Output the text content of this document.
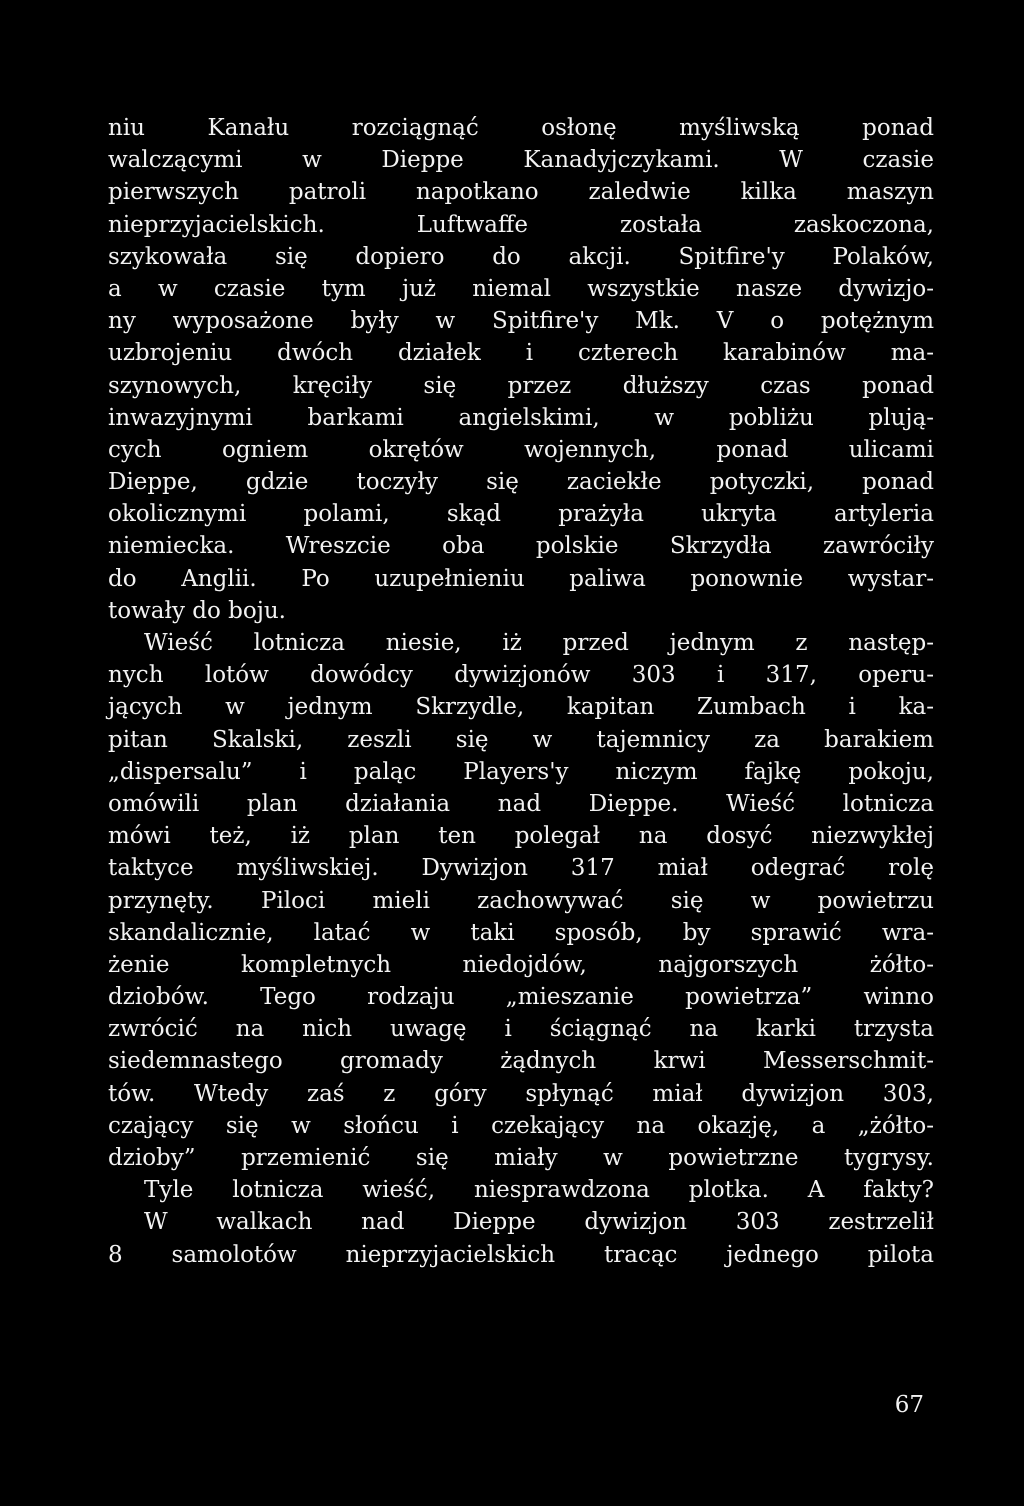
niu Kanału rozciągnąć osłonę myśliwską ponad
walczącymi w Dieppe Kanadyjczykami. W czasie
pierwszych patroli napotkano zaledwie kilka maszyn
nieprzyjacielskich. Luftwaffe została zaskoczona,
szykowała się dopiero do akcji. Spitfire'y Polaków,
a w czasie tym już niemal wszystkie nasze dywizjo-
ny wyposażone były w Spitfire'y Mk. V o potężnym
uzbrojeniu dwóch działek i czterech karabinów ma-
szynowych, kręciły się przez dłuższy czas ponad
inwazyjnymi barkami angielskimi, w pobliżu plują-
cych ogniem okrętów wojennych, ponad ulicami
Dieppe, gdzie toczyły się zaciekłe potyczki, ponad
okolicznymi polami, skąd prażyła ukryta artyleria
niemiecka. Wreszcie oba polskie Skrzydła zawróciły
do Anglii. Po uzupełnieniu paliwa ponownie wystar-
towały do boju.
Wieść lotnicza niesie, iż przed jednym z następ-
nych lotów dowódcy dywizjonów 303 i 317, operu-
jących w jednym Skrzydle, kapitan Zumbach i ka-
pitan Skalski, zeszli się w tajemnicy za barakiem
„dispersalu” i paląc Players'y niczym fajkę pokoju,
omówili plan działania nad Dieppe. Wieść lotnicza
mówi też, iż plan ten polegał na dosyć niezwykłej
taktyce myśliwskiej. Dywizjon 317 miał odegrać rolę
przynęty. Piloci mieli zachowywać się w powietrzu
skandalicznie, latać w taki sposób, by sprawić wra-
żenie kompletnych niedojdów, najgorszych żółto-
dziobów. Tego rodzaju „mieszanie powietrza” winno
zwrócić na nich uwagę i ściągnąć na karki trzysta
siedemnastego gromady żądnych krwi Messerschmit-
tów. Wtedy zaś z góry spłynąć miał dywizjon 303,
czający się w słońcu i czekający na okazję, a „żółto-
dzioby” przemienić się miały w powietrzne tygrysy.
Tyle lotnicza wieść, niesprawdzona plotka. A fakty?
W walkach nad Dieppe dywizjon 303 zestrzelił
8 samolotów nieprzyjacielskich tracąc jednego pilota
67
